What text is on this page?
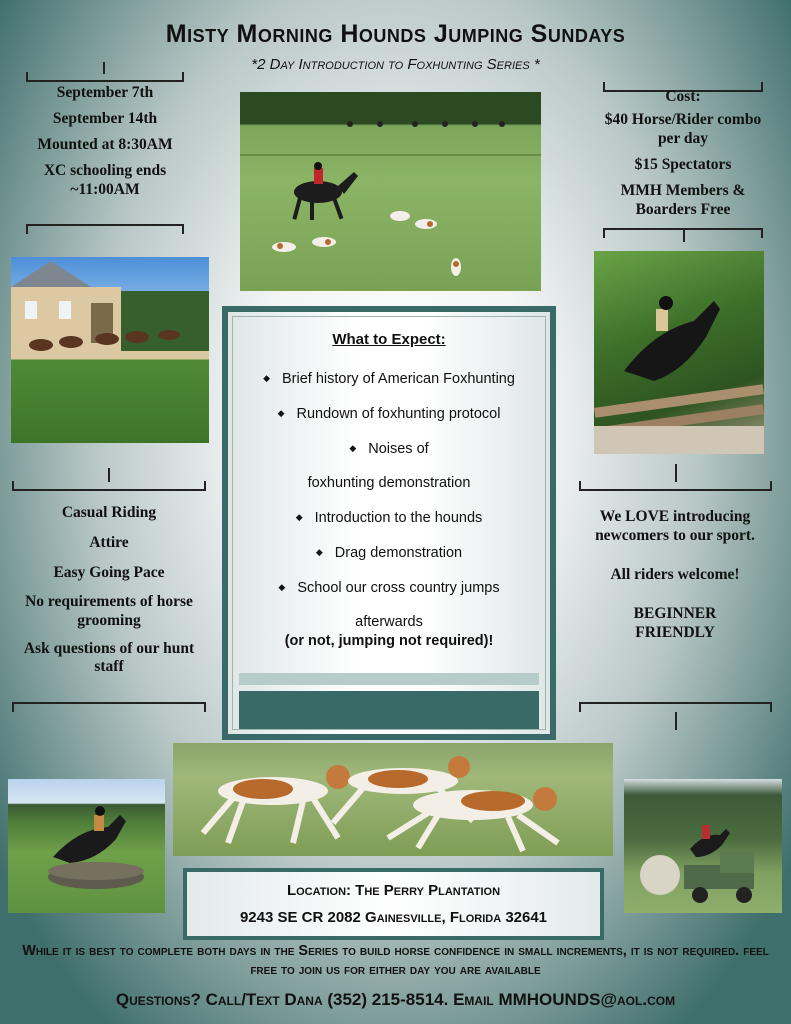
Misty Morning Hounds Jumping Sundays
*2 Day Introduction to Foxhunting Series *

September 7th

September 14th

Mounted at 8:30AM

XC schooling ends ~11:00AM

Cost:

$40 Horse/Rider combo per day

$15 Spectators

MMH Members & Boarders Free

Casual Riding

Attire

Easy Going Pace

No requirements of horse grooming

Ask questions of our hunt staff

We LOVE introducing newcomers to our sport.

All riders welcome!

BEGINNER FRIENDLY

What to Expect:
◆ Brief history of American Foxhunting
◆ Rundown of foxhunting protocol
◆ Noises of
foxhunting demonstration
◆ Introduction to the hounds
◆ Drag demonstration
◆ School our cross country jumps
afterwards
(or not, jumping not required)!
Location: The Perry Plantation
9243 SE CR 2082 Gainesville, Florida 32641
While it is best to complete both days in the Series to build horse confidence in small increments, it is not required. feel free to join us for either day you are available
Questions? Call/Text Dana (352) 215-8514. Email MMHOUNDS@aol.com
